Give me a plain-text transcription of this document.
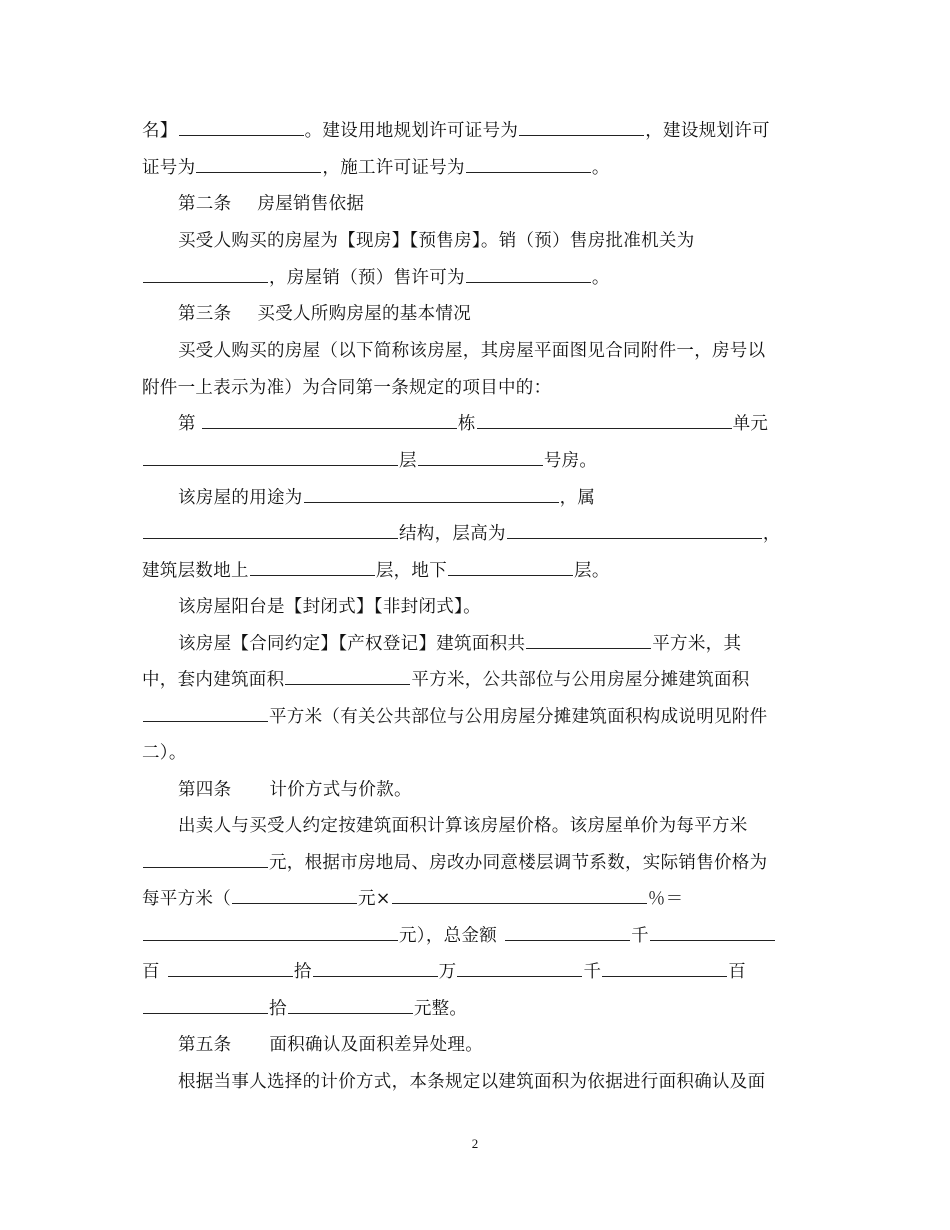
名】	。建设用地规划许可证号为	，建设规划许可
证号为	，施工许可证号为	。
第二条 房屋销售依据
买受人购买的房屋为【现房】【预售房】。销（预）售房批准机关为
，房屋销（预）售许可为	。
第三条 买受人所购房屋的基本情况
买受人购买的房屋（以下简称该房屋，其房屋平面图见合同附件一，房号以
附件一上表示为准）为合同第一条规定的项目中的：
第	栋	单元
层	号房。
该房屋的用途为	，属
结构，层高为	，
建筑层数地上	层，地下	层。
该房屋阳台是【封闭式】【非封闭式】。
该房屋【合同约定】【产权登记】建筑面积共	平方米，其
中，套内建筑面积	平方米，公共部位与公用房屋分摊建筑面积
平方米（有关公共部位与公用房屋分摊建筑面积构成说明见附件
二）。
第四条 计价方式与价款。
出卖人与买受人约定按建筑面积计算该房屋价格。该房屋单价为每平方米
元，根据市房地局、房改办同意楼层调节系数，实际销售价格为
每平方米（	元×	％＝
元），总金额	千
百	拾	万	千	百
拾	元整。
第五条 面积确认及面积差异处理。
根据当事人选择的计价方式，本条规定以建筑面积为依据进行面积确认及面
2
